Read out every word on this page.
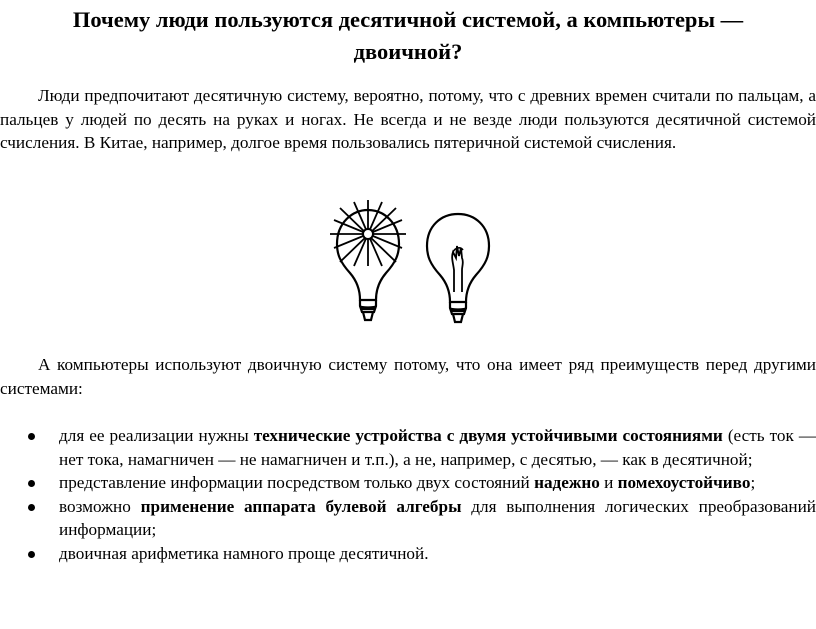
Почему люди пользуются десятичной системой, а компьютеры —
двоичной?

Люди предпочитают десятичную систему, вероятно, потому, что с древних времен считали по пальцам, а пальцев у людей по десять на руках и ногах. Не всегда и не везде люди пользуются десятичной системой счисления. В Китае, например, долгое время пользовались пятеричной системой счисления.

А компьютеры используют двоичную систему потому, что она имеет ряд преимуществ перед другими системами:

для ее реализации нужны технические устройства с двумя устойчивыми состояниями (есть ток — нет тока, намагничен — не намагничен и т.п.), а не, например, с десятью, — как в десятичной;
представление информации посредством только двух состояний надежно и помехоустойчиво;
возможно применение аппарата булевой алгебры для выполнения логических преобразований информации;
двоичная арифметика намного проще десятичной.
